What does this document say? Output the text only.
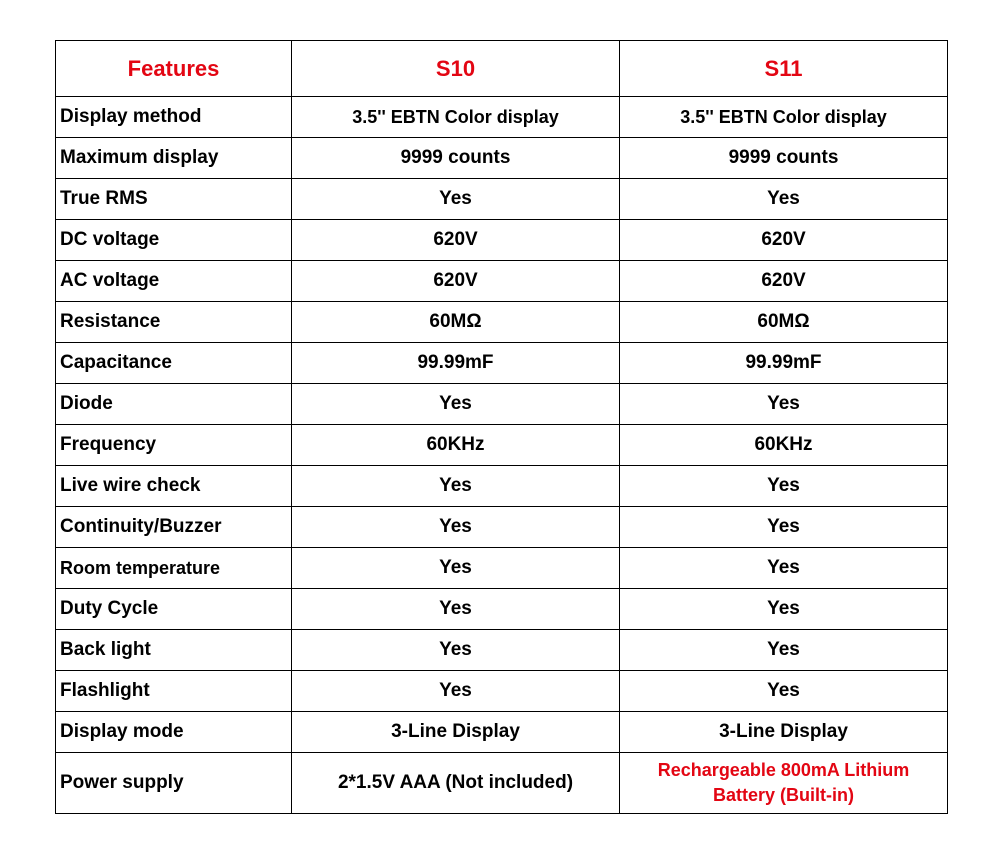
Features	S10	S11
Display method	3.5'' EBTN Color display	3.5'' EBTN Color display
Maximum display	9999 counts	9999 counts
True RMS	Yes	Yes
DC voltage	620V	620V
AC voltage	620V	620V
Resistance	60MΩ	60MΩ
Capacitance	99.99mF	99.99mF
Diode	Yes	Yes
Frequency	60KHz	60KHz
Live wire check	Yes	Yes
Continuity/Buzzer	Yes	Yes
Room temperature	Yes	Yes
Duty Cycle	Yes	Yes
Back light	Yes	Yes
Flashlight	Yes	Yes
Display mode	3-Line Display	3-Line Display
Power supply	2*1.5V AAA (Not included)	Rechargeable 800mA Lithium
Battery (Built-in)
